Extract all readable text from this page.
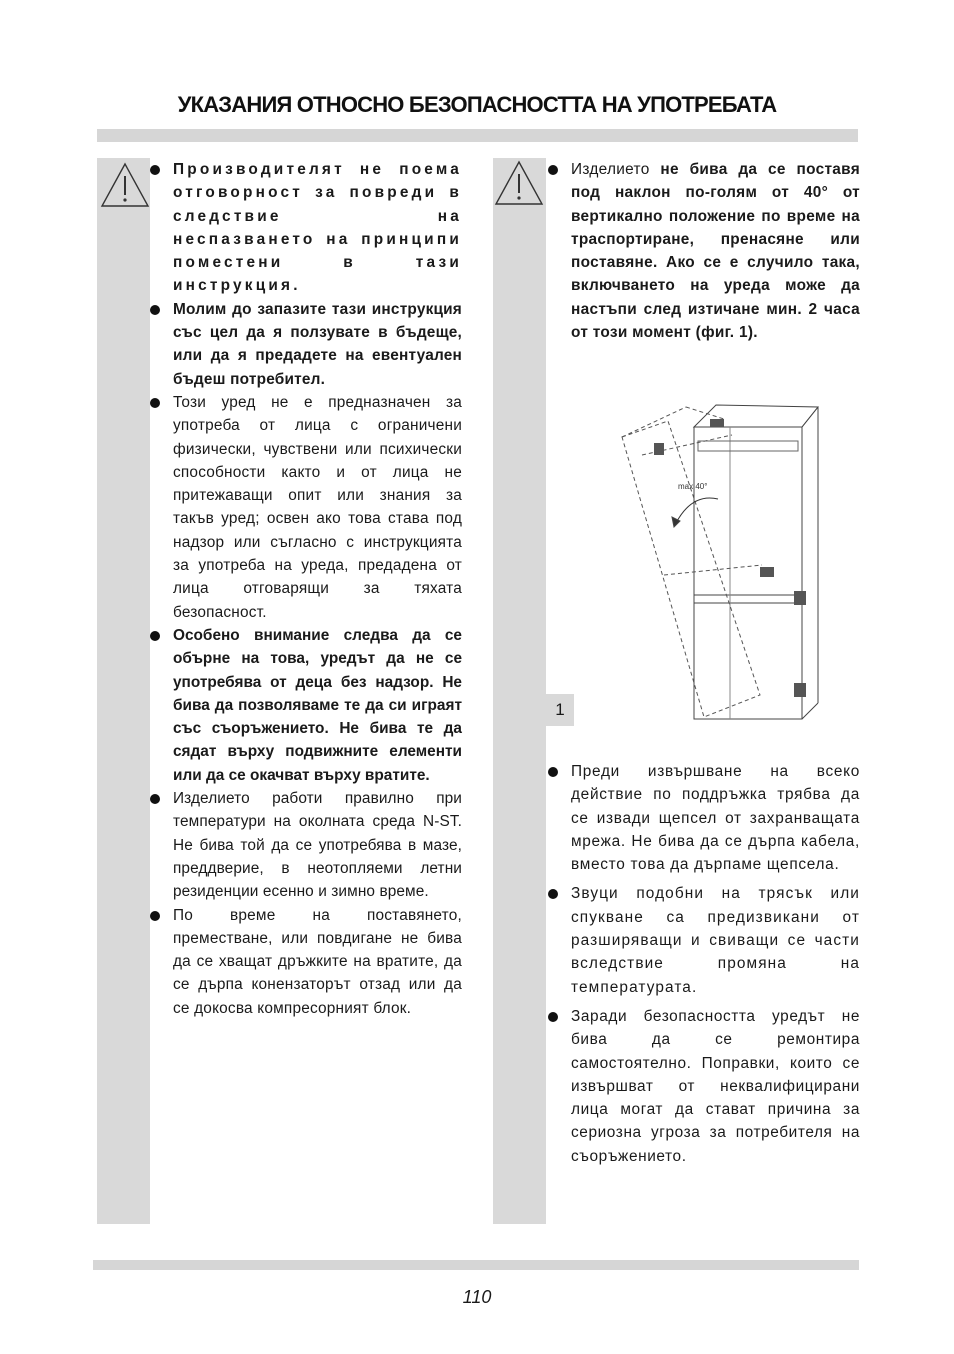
УКАЗАНИЯ ОТНОСНО БЕЗОПАСНОСТТА НА УПОТРЕБАТА
Производителят не поема отговорност за повреди в следствие на неспазването на принципи поместени в тази инструкция.
Молим до запазите тази инструкция със цел да я ползувате в бъдеще, или да я предадете на евентуален бъдеш потребител.
Този уред не е предназначен за употреба от лица с ограничени физически, чувствени или психически способности както и от лица не притежаващи опит или знания за такъв уред; освен ако това става под надзор или съгласно с инструкцията за употреба на уреда, предадена от лица отговарящи за тяхата безопасност.
Особено внимание следва да се обърне на това, уредът да не се употребява от деца без надзор. Не бива да позволяваме те да си играят със съоръжението. Не бива те да сядат върху подвижните елементи или да се окачват върху вратите.
Изделието работи правилно при температури на околната среда N-ST. Не бива той да се употребява в мазе, преддверие, в неотопляеми летни резиденции есенно и зимно време.
По време на поставянето, преместване, или повдигане не бива да се хващат дръжките на вратите, да се дърпа конензаторът отзад или да се докосва компресорният блок.
Изделието не бива да се поставя под наклон по-голям от 40° от вертикално положение по време на траспортиране, пренасяне или поставяне. Ако се е случило така, включването на уреда може да настъпи след изтичане мин. 2 часа от този момент (фиг. 1).
max 40°
1
Преди извършване на всеко действие по поддръжка трябва да се извади щепсел от захранващата мрежа. Не бива да се дърпа кабела, вместо това да дърпаме щепсела.
Звуци подобни на трясък или спукване са предизвикани от разширяващи и свиващи се части вследствие промяна на температурата.
Заради безопасността уредът не бива да се ремонтира самостоятелно. Поправки, които се извършват от неквалифицирани лица могат да стават причина за сериозна угроза за потребителя на съоръжението.
110
